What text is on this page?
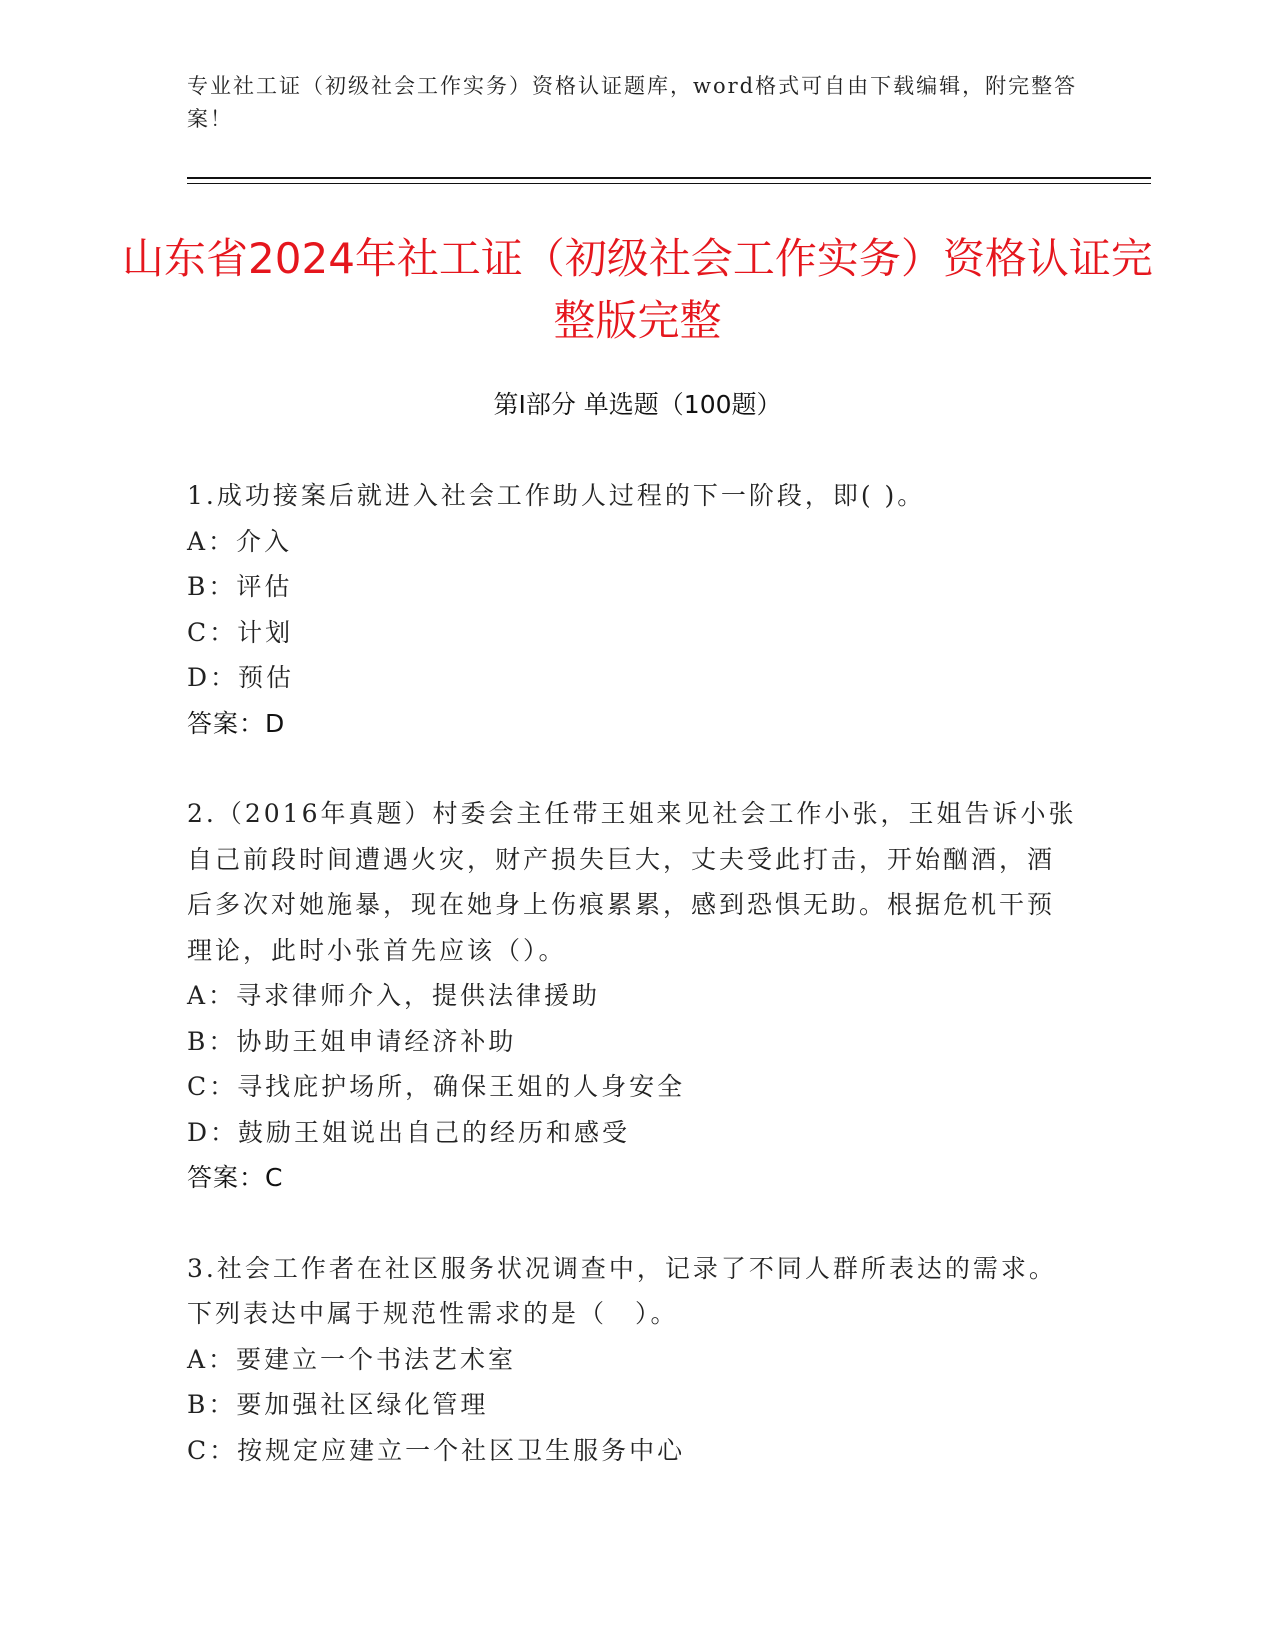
专业社工证（初级社会工作实务）资格认证题库，word格式可自由下载编辑，附完整答案！
山东省2024年社工证（初级社会工作实务）资格认证完整版完整
第Ⅰ部分 单选题（100题）

1.成功接案后就进入社会工作助人过程的下一阶段，即( )。

A：介入

B：评估

C：计划

D：预估

答案：D

2.（2016年真题）村委会主任带王姐来见社会工作小张，王姐告诉小张自己前段时间遭遇火灾，财产损失巨大，丈夫受此打击，开始酗酒，酒后多次对她施暴，现在她身上伤痕累累，感到恐惧无助。根据危机干预理论，此时小张首先应该（）。

A：寻求律师介入，提供法律援助

B：协助王姐申请经济补助

C：寻找庇护场所，确保王姐的人身安全

D：鼓励王姐说出自己的经历和感受

答案：C

3.社会工作者在社区服务状况调查中，记录了不同人群所表达的需求。下列表达中属于规范性需求的是（　）。

A：要建立一个书法艺术室

B：要加强社区绿化管理

C：按规定应建立一个社区卫生服务中心
